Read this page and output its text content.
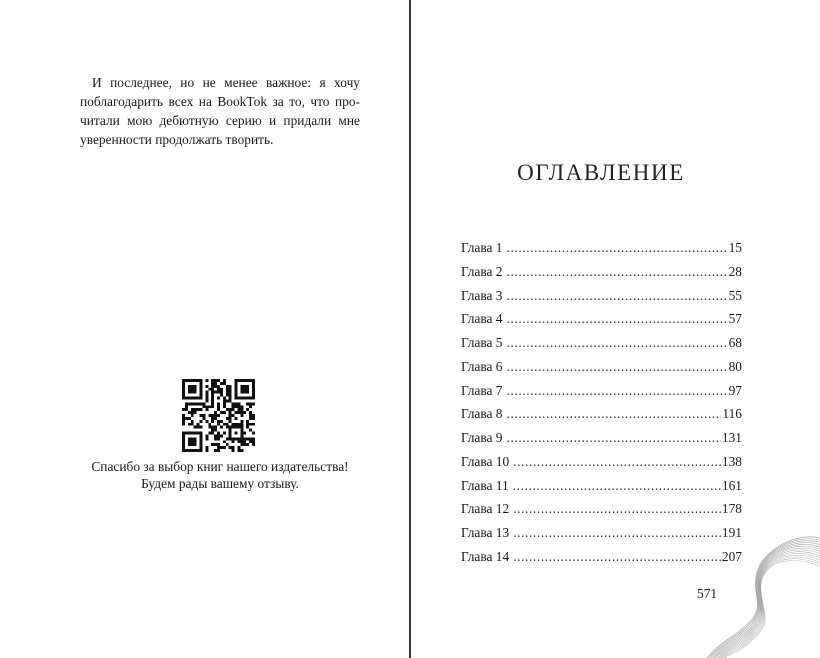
И последнее, но не менее важное: я хочу поблагодарить всех на BookTok за то, что прочитали мою дебютную серию и придали мне уверенности продолжать творить.

Спасибо за выбор книг нашего издательства!
Будем рады вашему отзыву.
ОГЛАВЛЕНИЕ
Глава 1 .....	15
Глава 2 .....	28
Глава 3 .....	55
Глава 4 .....	57
Глава 5 .....	68
Глава 6 .....	80
Глава 7 .....	97
Глава 8 .....	116
Глава 9 .....	131
Глава 10 .....	138
Глава 11 .....	161
Глава 12 .....	178
Глава 13 .....	191
Глава 14 .....	207
571
